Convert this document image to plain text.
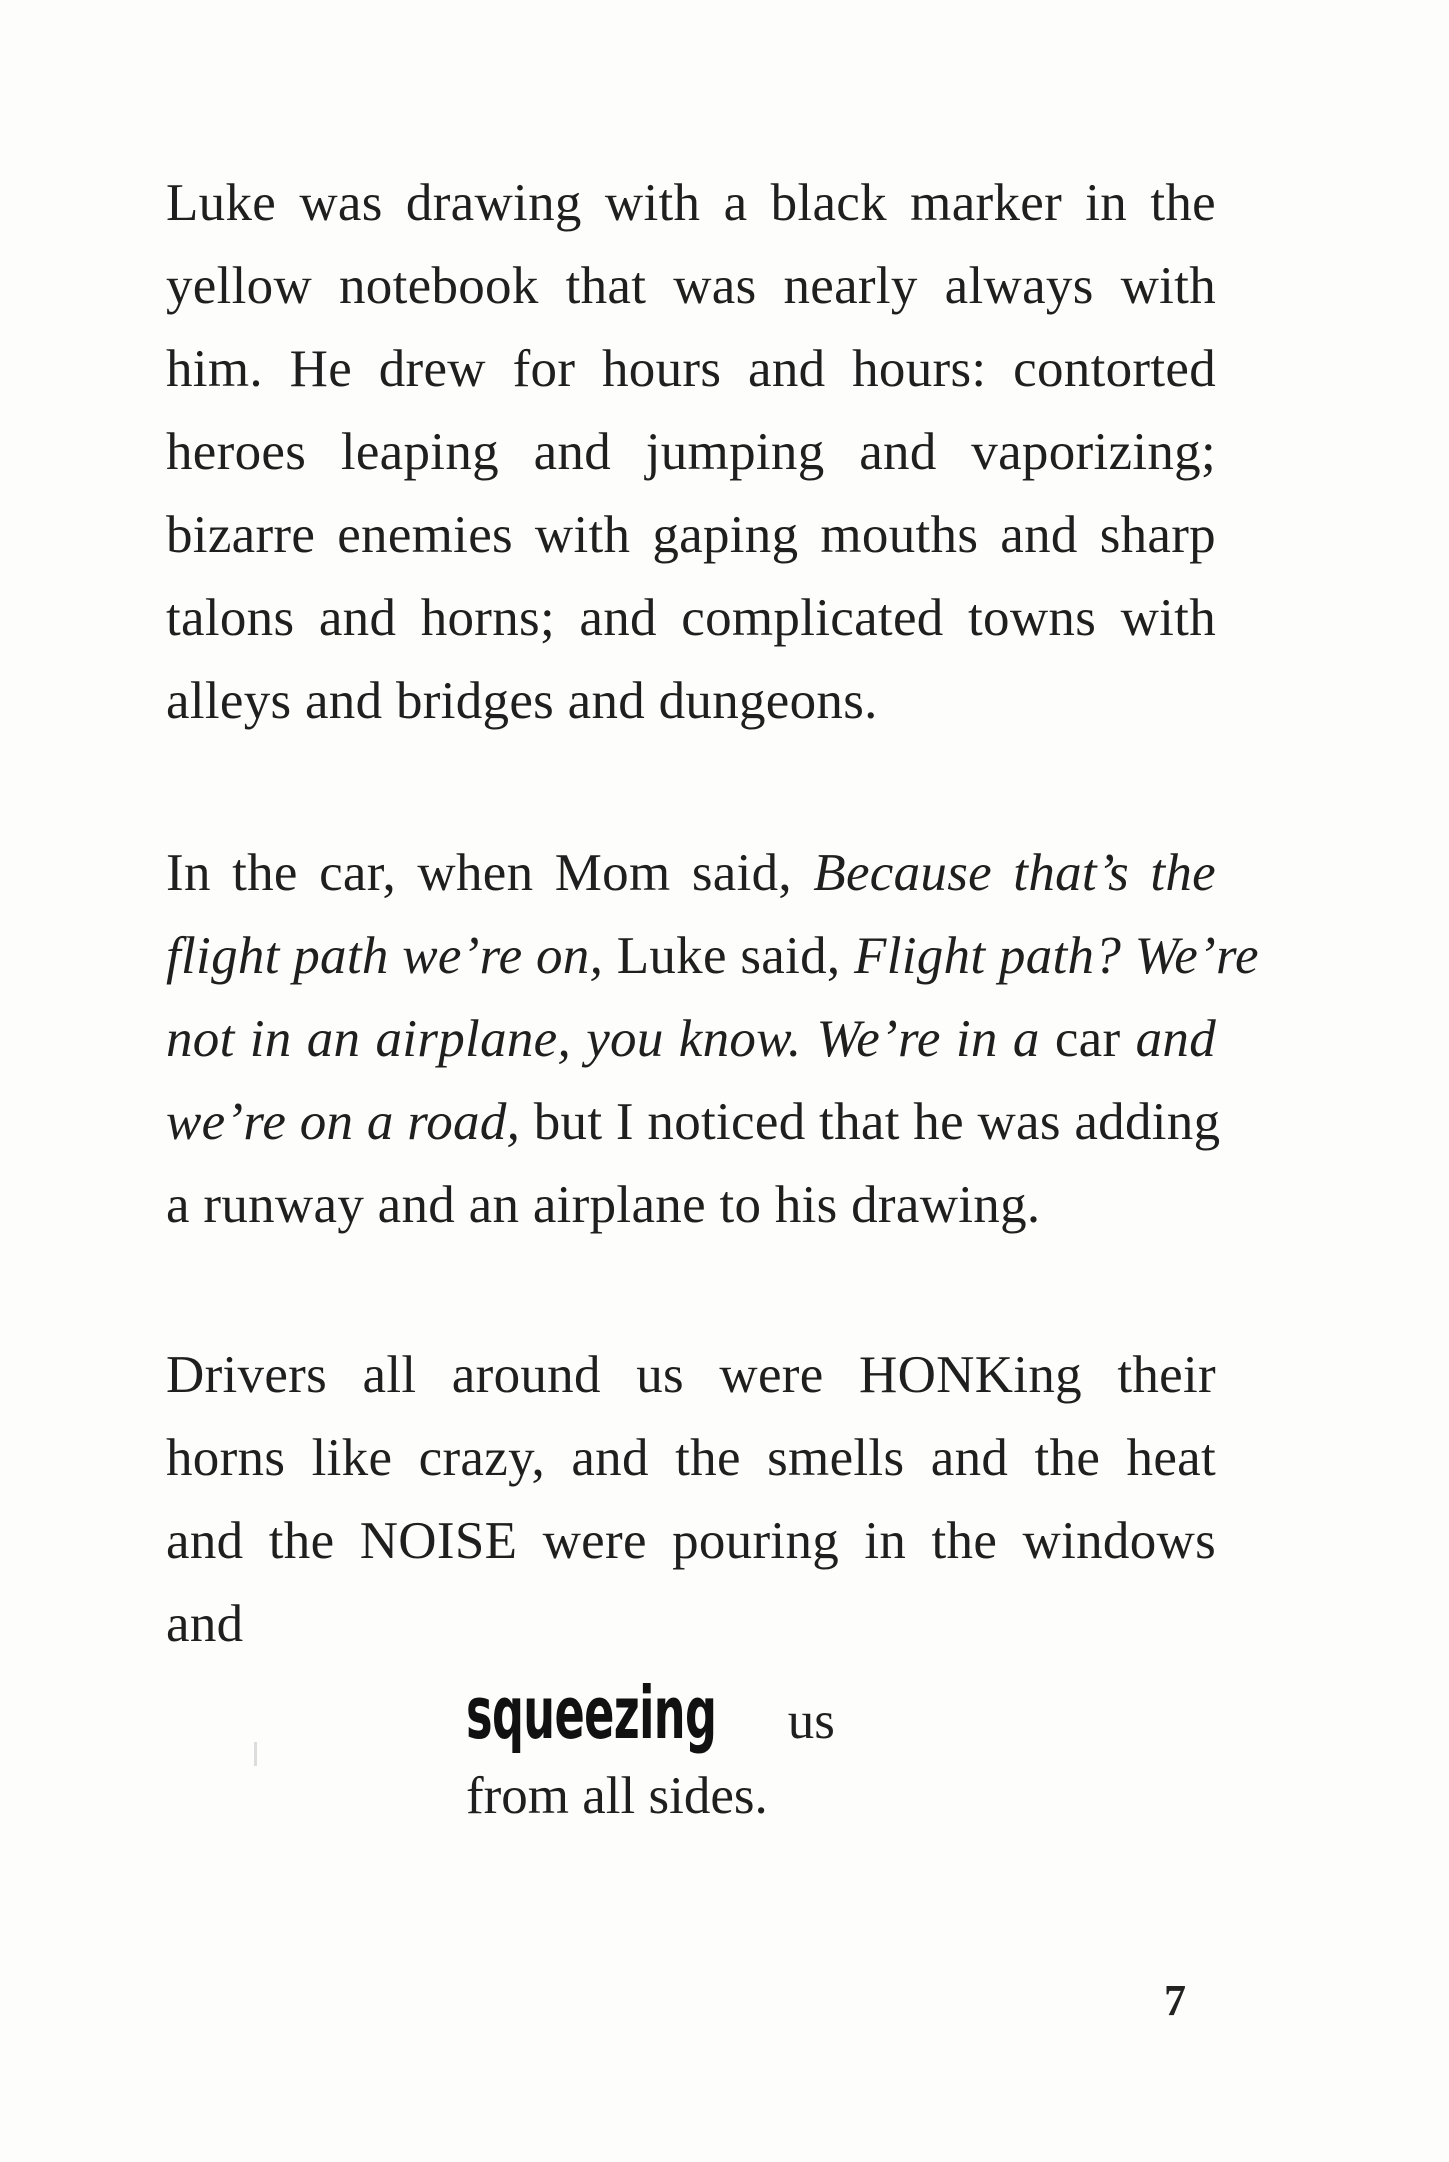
Luke was drawing with a black marker in the
yellow notebook that was nearly always with
him. He drew for hours and hours: contorted
heroes leaping and jumping and vaporizing;
bizarre enemies with gaping mouths and sharp
talons and horns; and complicated towns with
alleys and bridges and dungeons.
In the car, when Mom said, Because that’s the
flight path we’re on, Luke said, Flight path? We’re
not in an airplane, you know. We’re in a car and
we’re on a road, but I noticed that he was adding
a runway and an airplane to his drawing.
Drivers all around us were HONKing their
horns like crazy, and the smells and the heat
and the NOISE were pouring in the windows
and
squeezing us
from all sides.
7
